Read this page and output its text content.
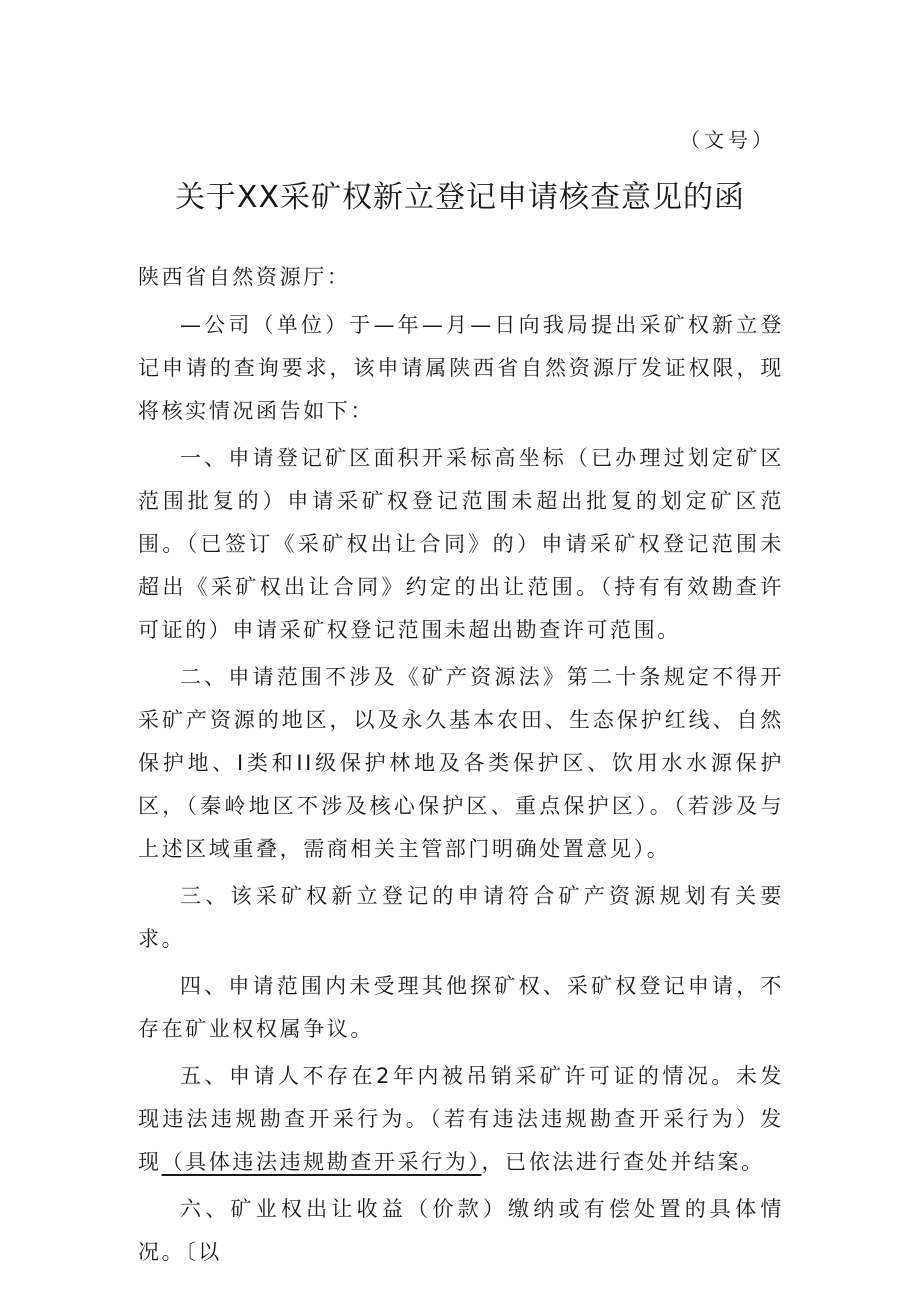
（文号）
关于XX采矿权新立登记申请核查意见的函

陕西省自然资源厅：

—公司（单位）于—年—月—日向我局提出采矿权新立登记申请的查询要求，该申请属陕西省自然资源厅发证权限，现将核实情况函告如下：

一、申请登记矿区面积开采标高坐标（已办理过划定矿区范围批复的）申请采矿权登记范围未超出批复的划定矿区范围。（已签订《采矿权出让合同》的）申请采矿权登记范围未超出《采矿权出让合同》约定的出让范围。（持有有效勘查许可证的）申请采矿权登记范围未超出勘查许可范围。

二、申请范围不涉及《矿产资源法》第二十条规定不得开采矿产资源的地区，以及永久基本农田、生态保护红线、自然保护地、I类和II级保护林地及各类保护区、饮用水水源保护区，（秦岭地区不涉及核心保护区、重点保护区）。（若涉及与上述区域重叠，需商相关主管部门明确处置意见）。

三、该采矿权新立登记的申请符合矿产资源规划有关要求。

四、申请范围内未受理其他探矿权、采矿权登记申请，不存在矿业权权属争议。

五、申请人不存在2年内被吊销采矿许可证的情况。未发现违法违规勘查开采行为。（若有违法违规勘查开采行为）发现（具体违法违规勘查开采行为），已依法进行查处并结案。

六、矿业权出让收益（价款）缴纳或有偿处置的具体情况。〔以
